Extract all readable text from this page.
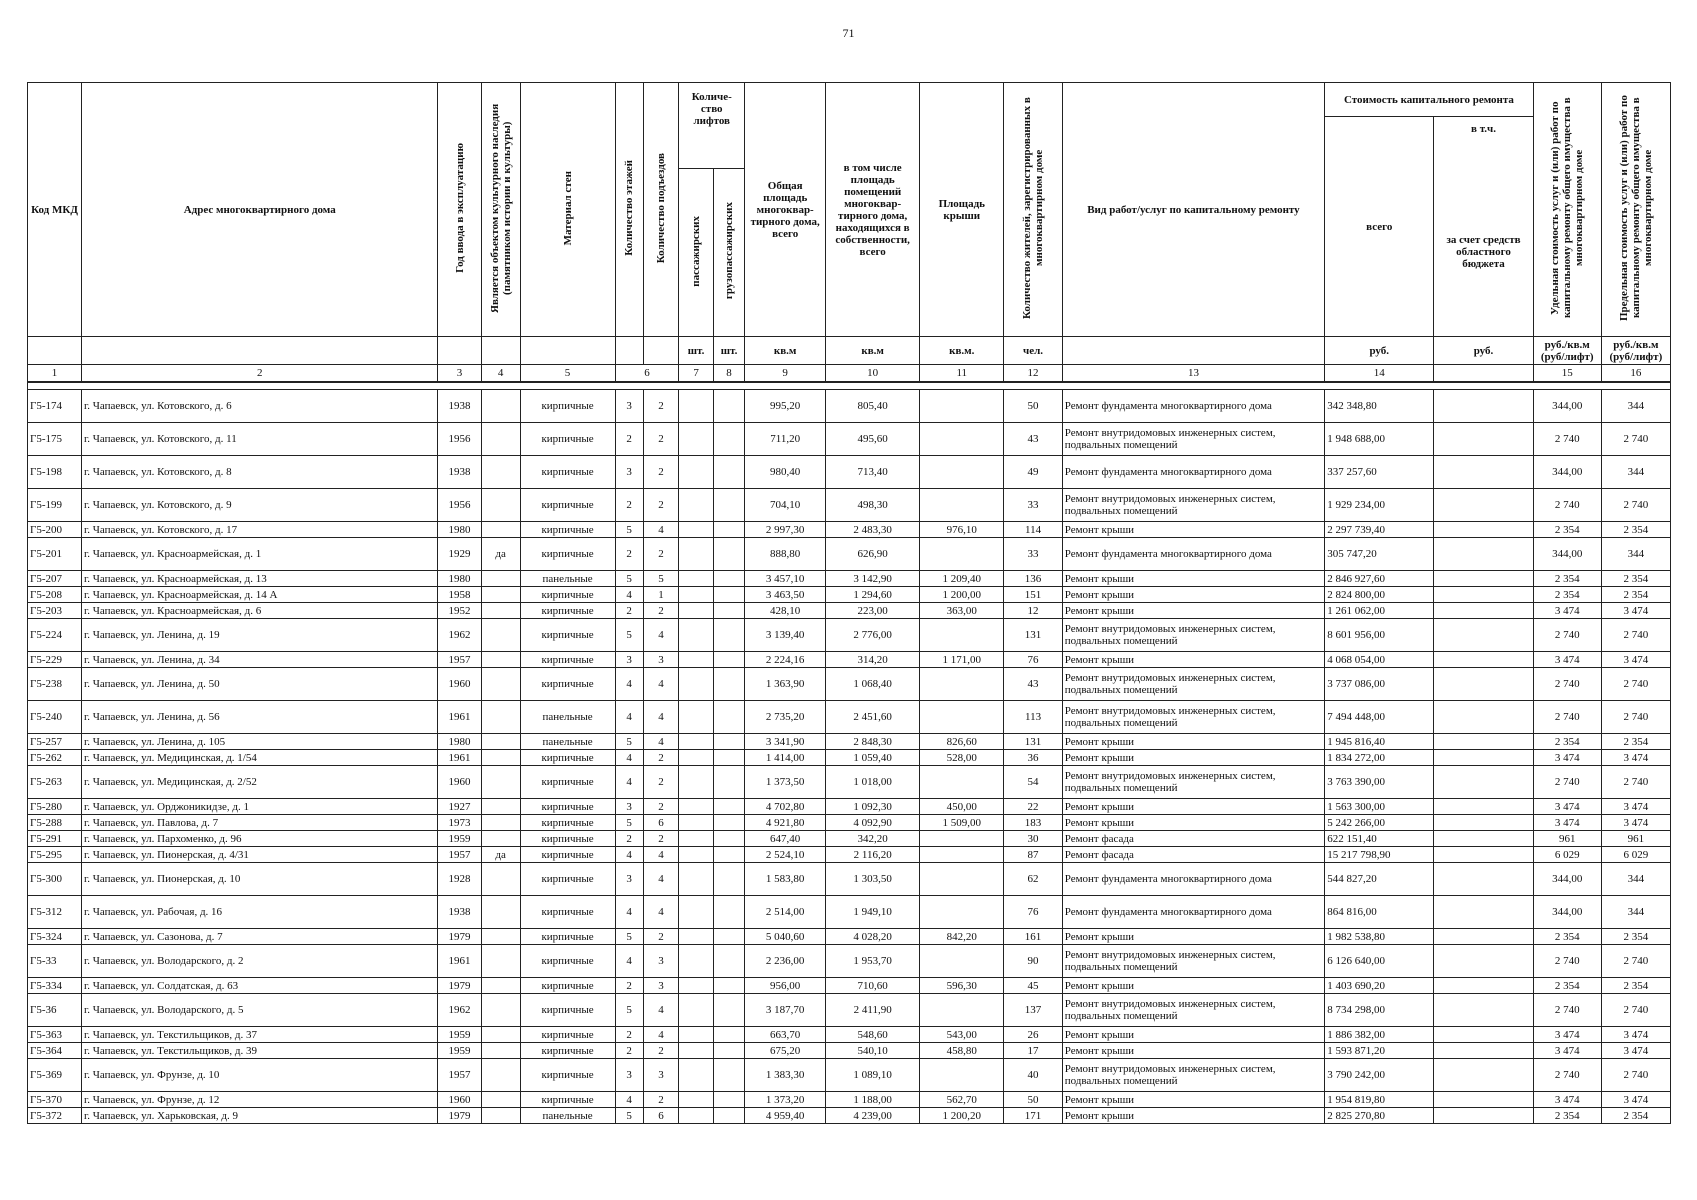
71
Код МКД	Адрес многоквартирного дома	Год ввода в эксплуатацию	Является объектом культурного наследия (памятником истории и культуры)	Материал стен	Количество этажей	Количество подъездов	Количе- ство лифтов		Общая площадь многоквар- тирного дома, всего	в том числе площадь помещений многоквар- тирного дома, находящихся в собственности, всего	Площадь крыши	Количество жителей, зарегистрированных в многоквартирном доме	Вид работ/услуг по капитальному ремонту	Стоимость капитального ремонта		Удельная стоимость услуг и (или) работ по капитальному ремонту общего имущества в многоквартирном доме	Предельная стоимость услуг и (или) работ по капитальному ремонту общего имущества в многоквартирном доме
														всего	в т.ч.		
							пассажирских	грузопассажирских							за счет средств областного бюджета		
							шт.	шт.	кв.м	кв.м	кв.м.	чел.		руб.	руб.	руб./кв.м (руб/лифт)	руб./кв.м (руб/лифт)
1	2	3	4	5	6		7	8	9	10	11	12	13	14		15	16

Г5-174	г. Чапаевск, ул. Котовского, д. 6	1938		кирпичные	3	2			995,20	805,40		50	Ремонт фундамента многоквартирного дома	342 348,80		344,00	344
Г5-175	г. Чапаевск, ул. Котовского, д. 11	1956		кирпичные	2	2			711,20	495,60		43	Ремонт внутридомовых инженерных систем, подвальных помещений	1 948 688,00		2 740	2 740
Г5-198	г. Чапаевск, ул. Котовского, д. 8	1938		кирпичные	3	2			980,40	713,40		49	Ремонт фундамента многоквартирного дома	337 257,60		344,00	344
Г5-199	г. Чапаевск, ул. Котовского, д. 9	1956		кирпичные	2	2			704,10	498,30		33	Ремонт внутридомовых инженерных систем, подвальных помещений	1 929 234,00		2 740	2 740
Г5-200	г. Чапаевск, ул. Котовского, д. 17	1980		кирпичные	5	4			2 997,30	2 483,30	976,10	114	Ремонт крыши	2 297 739,40		2 354	2 354
Г5-201	г. Чапаевск, ул. Красноармейская, д. 1	1929	да	кирпичные	2	2			888,80	626,90		33	Ремонт фундамента многоквартирного дома	305 747,20		344,00	344
Г5-207	г. Чапаевск, ул. Красноармейская, д. 13	1980		панельные	5	5			3 457,10	3 142,90	1 209,40	136	Ремонт крыши	2 846 927,60		2 354	2 354
Г5-208	г. Чапаевск, ул. Красноармейская, д. 14 А	1958		кирпичные	4	1			3 463,50	1 294,60	1 200,00	151	Ремонт крыши	2 824 800,00		2 354	2 354
Г5-203	г. Чапаевск, ул. Красноармейская, д. 6	1952		кирпичные	2	2			428,10	223,00	363,00	12	Ремонт крыши	1 261 062,00		3 474	3 474
Г5-224	г. Чапаевск, ул. Ленина, д. 19	1962		кирпичные	5	4			3 139,40	2 776,00		131	Ремонт внутридомовых инженерных систем, подвальных помещений	8 601 956,00		2 740	2 740
Г5-229	г. Чапаевск, ул. Ленина, д. 34	1957		кирпичные	3	3			2 224,16	314,20	1 171,00	76	Ремонт крыши	4 068 054,00		3 474	3 474
Г5-238	г. Чапаевск, ул. Ленина, д. 50	1960		кирпичные	4	4			1 363,90	1 068,40		43	Ремонт внутридомовых инженерных систем, подвальных помещений	3 737 086,00		2 740	2 740
Г5-240	г. Чапаевск, ул. Ленина, д. 56	1961		панельные	4	4			2 735,20	2 451,60		113	Ремонт внутридомовых инженерных систем, подвальных помещений	7 494 448,00		2 740	2 740
Г5-257	г. Чапаевск, ул. Ленина, д. 105	1980		панельные	5	4			3 341,90	2 848,30	826,60	131	Ремонт крыши	1 945 816,40		2 354	2 354
Г5-262	г. Чапаевск, ул. Медицинская, д. 1/54	1961		кирпичные	4	2			1 414,00	1 059,40	528,00	36	Ремонт крыши	1 834 272,00		3 474	3 474
Г5-263	г. Чапаевск, ул. Медицинская, д. 2/52	1960		кирпичные	4	2			1 373,50	1 018,00		54	Ремонт внутридомовых инженерных систем, подвальных помещений	3 763 390,00		2 740	2 740
Г5-280	г. Чапаевск, ул. Орджоникидзе, д. 1	1927		кирпичные	3	2			4 702,80	1 092,30	450,00	22	Ремонт крыши	1 563 300,00		3 474	3 474
Г5-288	г. Чапаевск, ул. Павлова, д. 7	1973		кирпичные	5	6			4 921,80	4 092,90	1 509,00	183	Ремонт крыши	5 242 266,00		3 474	3 474
Г5-291	г. Чапаевск, ул. Пархоменко, д. 96	1959		кирпичные	2	2			647,40	342,20		30	Ремонт фасада	622 151,40		961	961
Г5-295	г. Чапаевск, ул. Пионерская, д. 4/31	1957	да	кирпичные	4	4			2 524,10	2 116,20		87	Ремонт фасада	15 217 798,90		6 029	6 029
Г5-300	г. Чапаевск, ул. Пионерская, д. 10	1928		кирпичные	3	4			1 583,80	1 303,50		62	Ремонт фундамента многоквартирного дома	544 827,20		344,00	344
Г5-312	г. Чапаевск, ул. Рабочая, д. 16	1938		кирпичные	4	4			2 514,00	1 949,10		76	Ремонт фундамента многоквартирного дома	864 816,00		344,00	344
Г5-324	г. Чапаевск, ул. Сазонова, д. 7	1979		кирпичные	5	2			5 040,60	4 028,20	842,20	161	Ремонт крыши	1 982 538,80		2 354	2 354
Г5-33	г. Чапаевск, ул. Володарского, д. 2	1961		кирпичные	4	3			2 236,00	1 953,70		90	Ремонт внутридомовых инженерных систем, подвальных помещений	6 126 640,00		2 740	2 740
Г5-334	г. Чапаевск, ул. Солдатская, д. 63	1979		кирпичные	2	3			956,00	710,60	596,30	45	Ремонт крыши	1 403 690,20		2 354	2 354
Г5-36	г. Чапаевск, ул. Володарского, д. 5	1962		кирпичные	5	4			3 187,70	2 411,90		137	Ремонт внутридомовых инженерных систем, подвальных помещений	8 734 298,00		2 740	2 740
Г5-363	г. Чапаевск, ул. Текстильщиков, д. 37	1959		кирпичные	2	4			663,70	548,60	543,00	26	Ремонт крыши	1 886 382,00		3 474	3 474
Г5-364	г. Чапаевск, ул. Текстильщиков, д. 39	1959		кирпичные	2	2			675,20	540,10	458,80	17	Ремонт крыши	1 593 871,20		3 474	3 474
Г5-369	г. Чапаевск, ул. Фрунзе, д. 10	1957		кирпичные	3	3			1 383,30	1 089,10		40	Ремонт внутридомовых инженерных систем, подвальных помещений	3 790 242,00		2 740	2 740
Г5-370	г. Чапаевск, ул. Фрунзе, д. 12	1960		кирпичные	4	2			1 373,20	1 188,00	562,70	50	Ремонт крыши	1 954 819,80		3 474	3 474
Г5-372	г. Чапаевск, ул. Харьковская, д. 9	1979		панельные	5	6			4 959,40	4 239,00	1 200,20	171	Ремонт крыши	2 825 270,80		2 354	2 354
